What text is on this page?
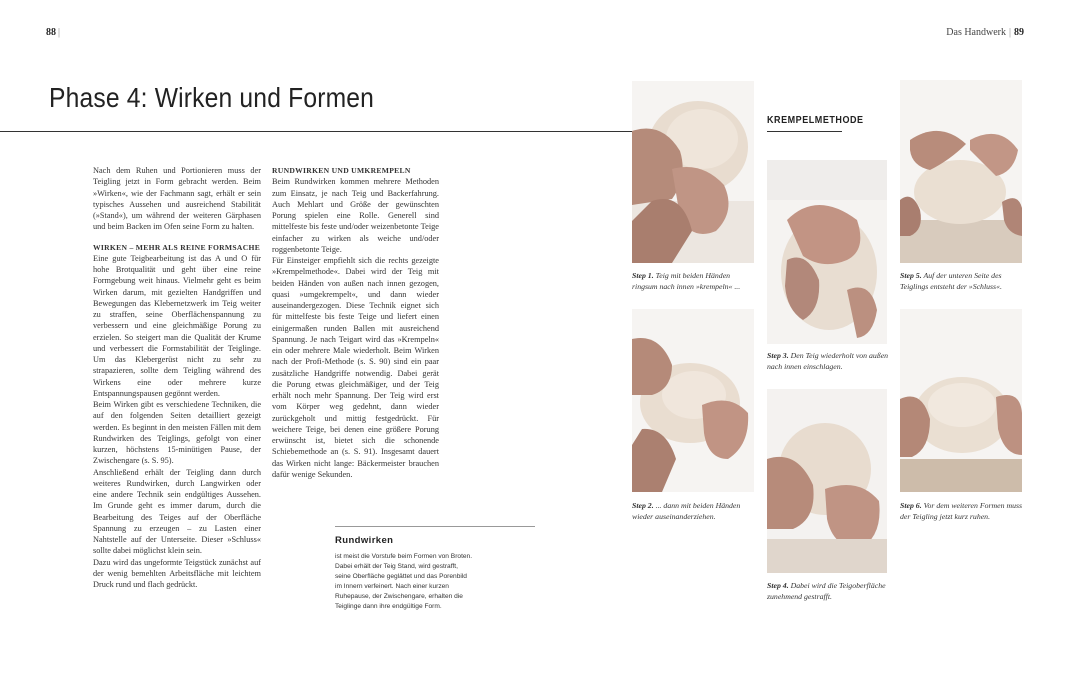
88 |	Das Handwerk | 89
Phase 4: Wirken und Formen

Nach dem Ruhen und Portionieren muss der Teigling jetzt in Form gebracht werden. Beim »Wirken«, wie der Fachmann sagt, erhält er sein typisches Aussehen und ausreichend Stabilität (»Stand«), um während der weiteren Gärphasen und beim Backen im Ofen seine Form zu halten.

WIRKEN – MEHR ALS REINE FORMSACHE

Eine gute Teigbearbeitung ist das A und O für hohe Brotqualität und geht über eine reine Formgebung weit hinaus. Vielmehr geht es beim Wirken darum, mit gezielten Handgriffen und Bewegungen das Klebernetzwerk im Teig weiter zu straffen, seine Oberflächenspannung zu verbessern und eine gleichmäßige Porung zu erzielen. So steigert man die Qualität der Krume und verbessert die Formstabilität der Teiglinge. Um das Klebergerüst nicht zu sehr zu strapazieren, sollte dem Teigling während des Wirkens eine oder mehrere kurze Entspannungspausen gegönnt werden.

Beim Wirken gibt es verschiedene Techniken, die auf den folgenden Seiten detailliert gezeigt werden. Es beginnt in den meisten Fällen mit dem Rundwirken des Teiglings, gefolgt von einer kurzen, höchstens 15-minütigen Pause, der Zwischengare (s. S. 95).

Anschließend erhält der Teigling dann durch weiteres Rundwirken, durch Langwirken oder eine andere Technik sein endgültiges Aussehen. Im Grunde geht es immer darum, durch die Bearbeitung des Teiges auf der Oberfläche Spannung zu erzeugen – zu Lasten einer Nahtstelle auf der Unterseite. Dieser »Schluss« sollte dabei möglichst klein sein.

Dazu wird das ungeformte Teigstück zunächst auf der wenig bemehlten Arbeitsfläche mit leichtem Druck rund und flach gedrückt.

RUNDWIRKEN UND UMKREMPELN

Beim Rundwirken kommen mehrere Methoden zum Einsatz, je nach Teig und Backerfahrung. Auch Mehlart und Größe der gewünschten Porung spielen eine Rolle. Generell sind mittelfeste bis feste und/oder weizenbetonte Teige einfacher zu wirken als weiche und/oder roggenbetonte Teige.

Für Einsteiger empfiehlt sich die rechts gezeigte »Krempelmethode«. Dabei wird der Teig mit beiden Händen von außen nach innen gezogen, quasi »umgekrempelt«, und dann wieder auseinandergezogen. Diese Technik eignet sich für mittelfeste bis feste Teige und liefert einen einigermaßen runden Ballen mit ausreichend Spannung. Je nach Teigart wird das »Krempeln« ein oder mehrere Male wiederholt. Beim Wirken nach der Profi-Methode (s. S. 90) sind ein paar zusätzliche Handgriffe notwendig. Dabei gerät die Porung etwas gleichmäßiger, und der Teig erhält noch mehr Spannung. Der Teig wird erst vom Körper weg gedehnt, dann wieder zurückgeholt und mittig festgedrückt. Für weichere Teige, bei denen eine größere Porung erwünscht ist, bietet sich die schonende Schiebemethode an (s. S. 91). Insgesamt dauert das Wirken nicht lange: Bäckermeister brauchen dafür wenige Sekunden.

Rundwirken
ist meist die Vorstufe beim Formen von Broten. Dabei erhält der Teig Stand, wird gestrafft, seine Oberfläche geglättet und das Porenbild im Innern verfeinert. Nach einer kurzen Ruhepause, der Zwischengare, erhalten die Teiglinge dann ihre endgültige Form.
KREMPELMETHODE
Step 1. Teig mit beiden Händen ringsum nach innen »krempeln« ...
Step 2. ... dann mit beiden Händen wieder auseinanderziehen.
Step 3. Den Teig wiederholt von außen nach innen einschlagen.
Step 4. Dabei wird die Teigoberfläche zunehmend gestrafft.
Step 5. Auf der unteren Seite des Teiglings entsteht der »Schluss«.
Step 6. Vor dem weiteren Formen muss der Teigling jetzt kurz ruhen.
